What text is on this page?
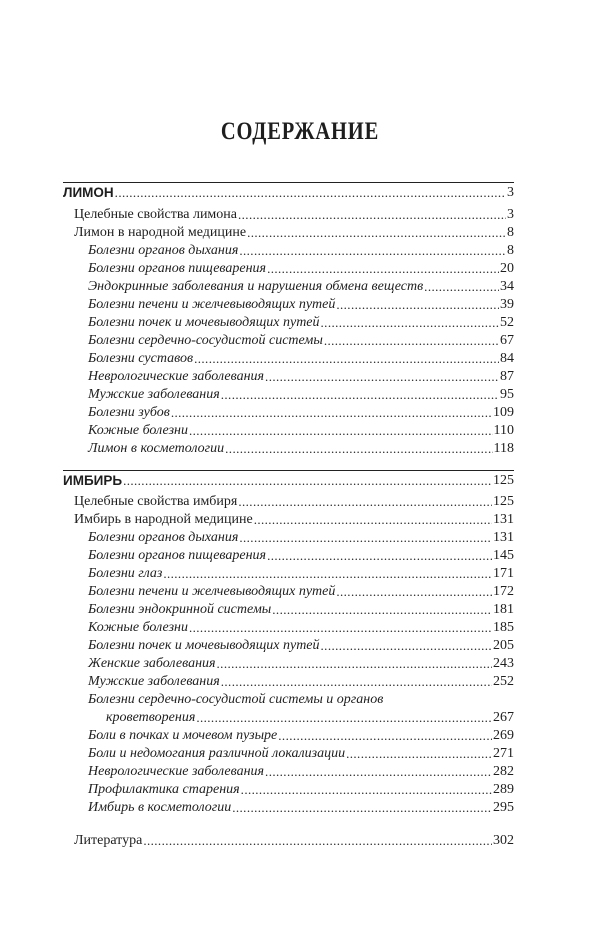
СОДЕРЖАНИЕ
ЛИМОН .....	3
Целебные свойства лимона .....	3
Лимон в народной медицине .....	8
Болезни органов дыхания .....	8
Болезни органов пищеварения .....	20
Эндокринные заболевания и нарушения обмена веществ .....	34
Болезни печени и желчевыводящих путей .....	39
Болезни почек и мочевыводящих путей .....	52
Болезни сердечно-сосудистой системы .....	67
Болезни суставов .....	84
Неврологические заболевания .....	87
Мужские заболевания .....	95
Болезни зубов .....	109
Кожные болезни .....	110
Лимон в косметологии .....	118
ИМБИРЬ .....	125
Целебные свойства имбиря .....	125
Имбирь в народной медицине .....	131
Болезни органов дыхания .....	131
Болезни органов пищеварения .....	145
Болезни глаз .....	171
Болезни печени и желчевыводящих путей .....	172
Болезни эндокринной системы .....	181
Кожные болезни .....	185
Болезни почек и мочевыводящих путей .....	205
Женские заболевания .....	243
Мужские заболевания .....	252
Болезни сердечно-сосудистой системы и органов
кроветворения .....	267
Боли в почках и мочевом пузыре .....	269
Боли и недомогания различной локализации .....	271
Неврологические заболевания .....	282
Профилактика старения .....	289
Имбирь в косметологии .....	295
Литература .....	302
